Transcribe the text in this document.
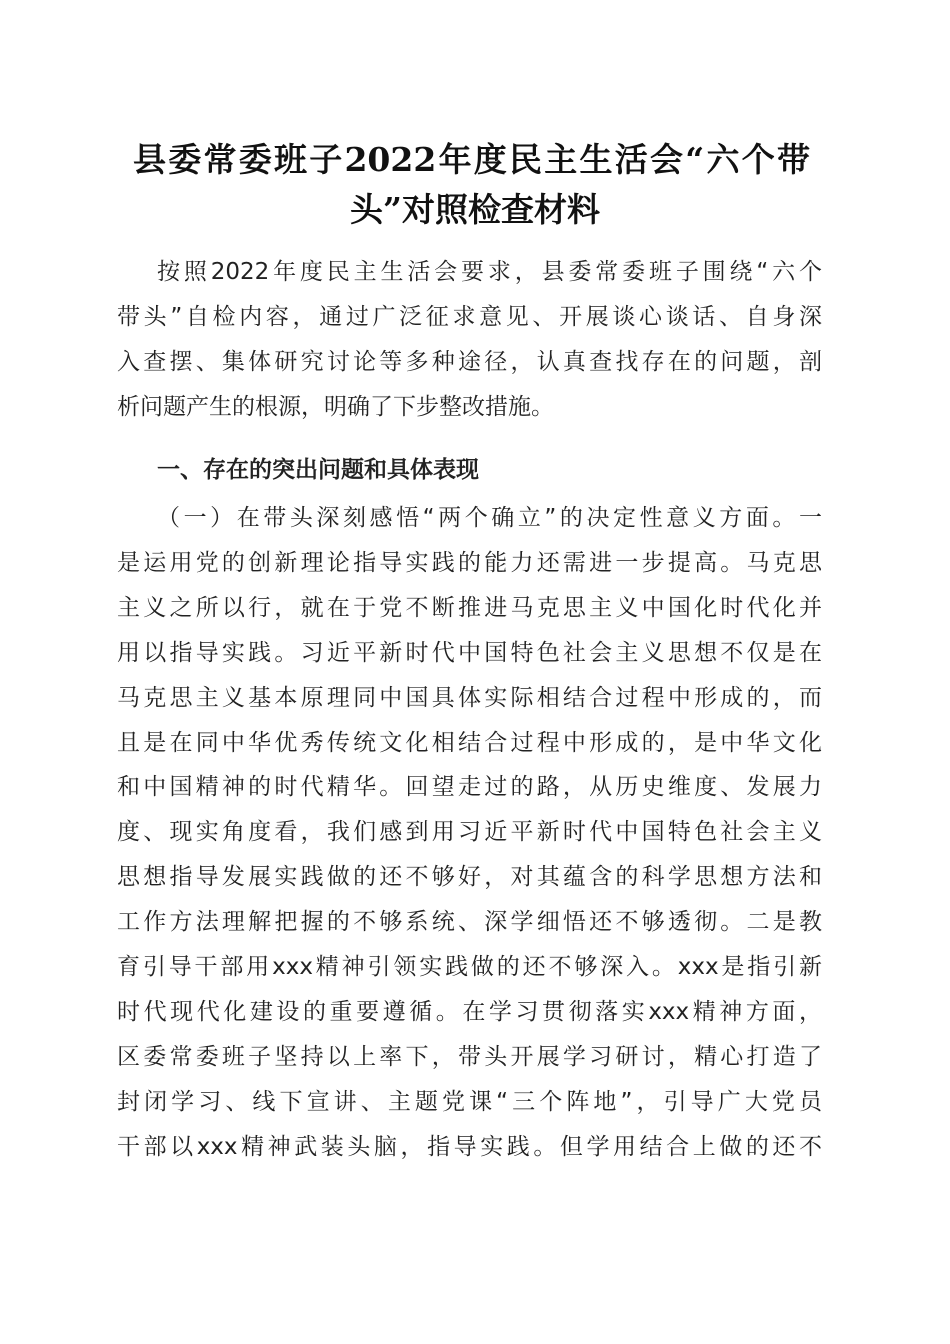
县委常委班子2022年度民主生活会“六个带
头”对照检查材料
按照2022年度民主生活会要求，县委常委班子围绕“六个
带头”自检内容，通过广泛征求意见、开展谈心谈话、自身深
入查摆、集体研究讨论等多种途径，认真查找存在的问题，剖
析问题产生的根源，明确了下步整改措施。
一、存在的突出问题和具体表现
（一）在带头深刻感悟“两个确立”的决定性意义方面。一
是运用党的创新理论指导实践的能力还需进一步提高。马克思
主义之所以行，就在于党不断推进马克思主义中国化时代化并
用以指导实践。习近平新时代中国特色社会主义思想不仅是在
马克思主义基本原理同中国具体实际相结合过程中形成的，而
且是在同中华优秀传统文化相结合过程中形成的，是中华文化
和中国精神的时代精华。回望走过的路，从历史维度、发展力
度、现实角度看，我们感到用习近平新时代中国特色社会主义
思想指导发展实践做的还不够好，对其蕴含的科学思想方法和
工作方法理解把握的不够系统、深学细悟还不够透彻。二是教
育引导干部用xxx精神引领实践做的还不够深入。xxx是指引新
时代现代化建设的重要遵循。在学习贯彻落实xxx精神方面，
区委常委班子坚持以上率下，带头开展学习研讨，精心打造了
封闭学习、线下宣讲、主题党课“三个阵地”，引导广大党员
干部以xxx精神武装头脑，指导实践。但学用结合上做的还不
